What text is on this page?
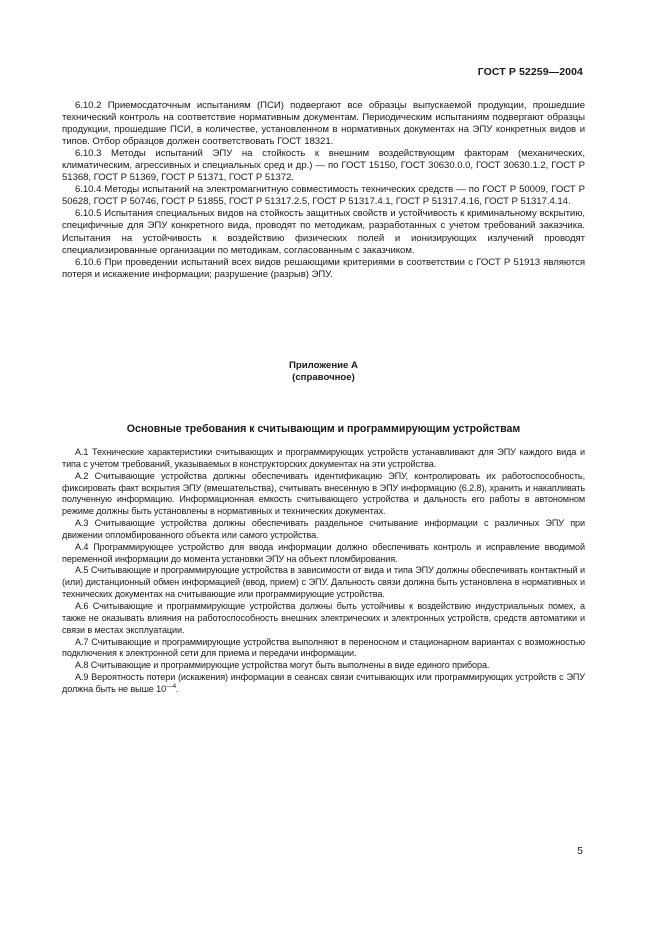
ГОСТ Р 52259—2004

6.10.2 Приемосдаточным испытаниям (ПСИ) подвергают все образцы выпускаемой продукции, прошедшие технический контроль на соответствие нормативным документам. Периодическим испытаниям подвергают образцы продукции, прошедшие ПСИ, в количестве, установленном в нормативных документах на ЭПУ конкретных видов и типов. Отбор образцов должен соответствовать ГОСТ 18321.

6.10.3 Методы испытаний ЭПУ на стойкость к внешним воздействующим факторам (механических, климатическим, агрессивных и специальных сред и др.) — по ГОСТ 15150, ГОСТ 30630.0.0, ГОСТ 30630.1.2, ГОСТ Р 51368, ГОСТ Р 51369, ГОСТ Р 51371, ГОСТ Р 51372.

6.10.4 Методы испытаний на электромагнитную совместимость технических средств — по ГОСТ Р 50009, ГОСТ Р 50628, ГОСТ Р 50746, ГОСТ Р 51855, ГОСТ Р 51317.2.5, ГОСТ Р 51317.4.1, ГОСТ Р 51317.4.16, ГОСТ Р 51317.4.14.

6.10.5 Испытания специальных видов на стойкость защитных свойств и устойчивость к криминальному вскрытию, специфичные для ЭПУ конкретного вида, проводят по методикам, разработанных с учетом требований заказчика. Испытания на устойчивость к воздействию физических полей и ионизирующих излучений проводят специализированные организации по методикам, согласованным с заказчиком.

6.10.6 При проведении испытаний всех видов решающими критериями в соответствии с ГОСТ Р 51913 являются потеря и искажение информации; разрушение (разрыв) ЭПУ.

Приложение А
(справочное)
Основные требования к считывающим и программирующим устройствам

А.1 Технические характеристики считывающих и программирующих устройств устанавливают для ЭПУ каждого вида и типа с учетом требований, указываемых в конструкторских документах на эти устройства.

А.2 Считывающие устройства должны обеспечивать идентификацию ЭПУ, контролировать их работоспособность, фиксировать факт вскрытия ЭПУ (вмешательства), считывать внесенную в ЭПУ информацию (6.2.8), хранить и накапливать полученную информацию. Информационная емкость считывающего устройства и дальность его работы в автономном режиме должны быть установлены в нормативных и технических документах.

А.3 Считывающие устройства должны обеспечивать раздельное считывание информации с различных ЭПУ при движении опломбированного объекта или самого устройства.

А.4 Программирующее устройство для ввода информации должно обеспечивать контроль и исправление вводимой переменной информации до момента установки ЭПУ на объект пломбирования.

А.5 Считывающие и программирующие устройства в зависимости от вида и типа ЭПУ должны обеспечивать контактный и (или) дистанционный обмен информацией (ввод, прием) с ЭПУ. Дальность связи должна быть установлена в нормативных и технических документах на считывающие или программирующие устройства.

А.6 Считывающие и программирующие устройства должны быть устойчивы к воздействию индустриальных помех, а также не оказывать влияния на работоспособность внешних электрических и электронных устройств, средств автоматики и связи в местах эксплуатации.

А.7 Считывающие и программирующие устройства выполняют в переносном и стационарном вариантах с возможностью подключения к электронной сети для приема и передачи информации.

А.8 Считывающие и программирующие устройства могут быть выполнены в виде единого прибора.

А.9 Вероятность потери (искажения) информации в сеансах связи считывающих или программирующих устройств с ЭПУ должна быть не выше $10^{—4}$.

5
